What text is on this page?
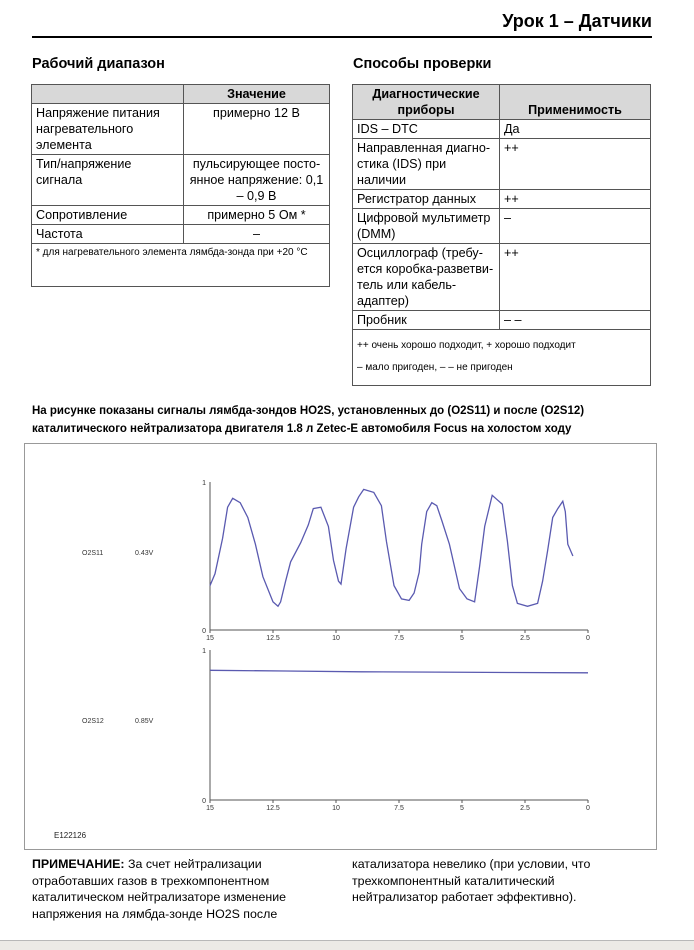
Урок 1 – Датчики
Рабочий диапазон
	Значение
Напряжение питания нагревательного элемента	примерно 12 В
Тип/напряжение сигнала	пульсирующее посто-янное напряжение: 0,1 – 0,9 В
Сопротивление	примерно 5 Ом *
Частота	–
* для нагревательного элемента лямбда-зонда при +20 °C	
Способы проверки
Диагностические приборы	Применимость
IDS – DTC	Да
Направленная диагно-стика (IDS) при наличии	++
Регистратор данных	++
Цифровой мультиметр (DMM)	–
Осциллограф (требу-ется коробка-разветви-тель или кабель-адаптер)	++
Пробник	– –

++ очень хорошо подходит, + хорошо подходит
– мало пригоден, – – не пригоден	
На рисунке показаны сигналы лямбда-зондов HO2S, установленных до (O2S11) и после (O2S12) каталитического нейтрализатора двигателя 1.8 л Zetec-E автомобиля Focus на холостом ходу
15	12.5	10	7.5	5	2.5	0
0
1
15	12.5	10	7.5	5	2.5	0
0
1
O2S11	0.43V
O2S12	0.85V
E122126
ПРИМЕЧАНИЕ: За счет нейтрализации отработавших газов в трехкомпонентном каталитическом нейтрализаторе изменение напряжения на лямбда-зонде HO2S после
катализатора невелико (при условии, что трехкомпонентный каталитический нейтрализатор работает эффективно).
